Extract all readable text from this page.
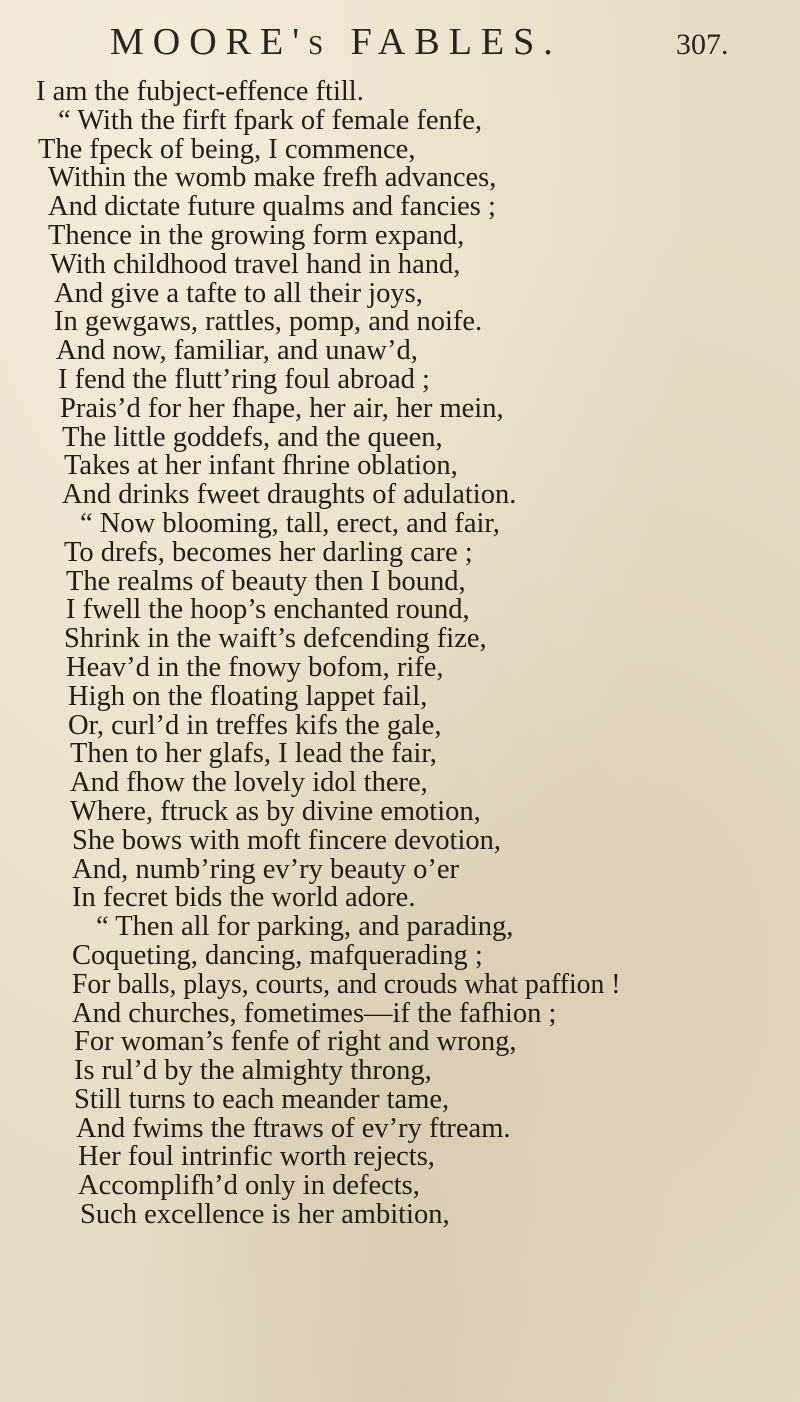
MOORE's FABLES.	307.
I am the fubject-effence ftill.
“ With the firft fpark of female fenfe,
The fpeck of being, I commence,
Within the womb make frefh advances,
And dictate future qualms and fancies ;
Thence in the growing form expand,
With childhood travel hand in hand,
And give a tafte to all their joys,
In gewgaws, rattles, pomp, and noife.
And now, familiar, and unaw’d,
I fend the flutt’ring foul abroad ;
Prais’d for her fhape, her air, her mein,
The little goddefs, and the queen,
Takes at her infant fhrine oblation,
And drinks fweet draughts of adulation.
“ Now blooming, tall, erect, and fair,
To drefs, becomes her darling care ;
The realms of beauty then I bound,
I fwell the hoop’s enchanted round,
Shrink in the waift’s defcending fize,
Heav’d in the fnowy bofom, rife,
High on the floating lappet fail,
Or, curl’d in treffes kifs the gale,
Then to her glafs, I lead the fair,
And fhow the lovely idol there,
Where, ftruck as by divine emotion,
She bows with moft fincere devotion,
And, numb’ring ev’ry beauty o’er
In fecret bids the world adore.
“ Then all for parking, and parading,
Coqueting, dancing, mafquerading ;
For balls, plays, courts, and crouds what paffion !
And churches, fometimes—if the fafhion ;
For woman’s fenfe of right and wrong,
Is rul’d by the almighty throng,
Still turns to each meander tame,
And fwims the ftraws of ev’ry ftream.
Her foul intrinfic worth rejects,
Accomplifh’d only in defects,
Such excellence is her ambition,
